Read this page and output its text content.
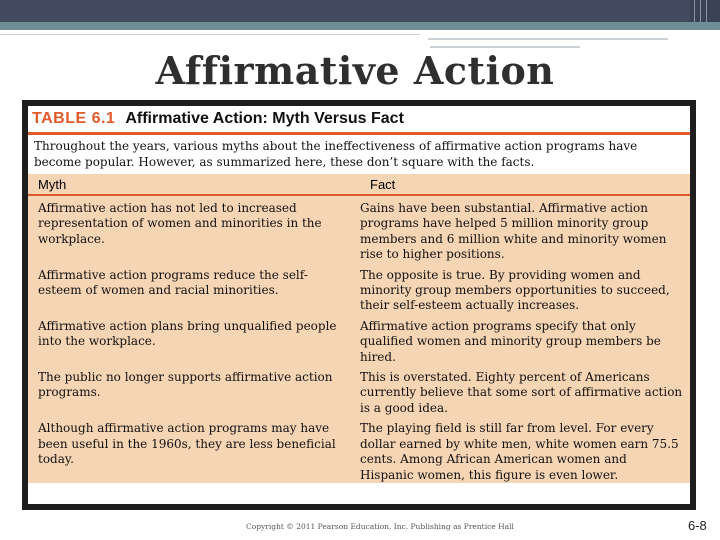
Affirmative Action
TABLE 6.1 Affirmative Action: Myth Versus Fact
Throughout the years, various myths about the ineffectiveness of affirmative action programs have become popular. However, as summarized here, these don’t square with the facts.
Myth	Fact
Affirmative action has not led to increased representation of women and minorities in the workplace.
Gains have been substantial. Affirmative action programs have helped 5 million minority group members and 6 million white and minority women rise to higher positions.
Affirmative action programs reduce the self-esteem of women and racial minorities.
The opposite is true. By providing women and minority group members opportunities to succeed, their self-esteem actually increases.
Affirmative action plans bring unqualified people into the workplace.
Affirmative action programs specify that only qualified women and minority group members be hired.
The public no longer supports affirmative action programs.
This is overstated. Eighty percent of Americans currently believe that some sort of affirmative action is a good idea.
Although affirmative action programs may have been useful in the 1960s, they are less beneficial today.
The playing field is still far from level. For every dollar earned by white men, white women earn 75.5 cents. Among African American women and Hispanic women, this figure is even lower.
Copyright © 2011 Pearson Education, Inc. Publishing as Prentice Hall	6-8
